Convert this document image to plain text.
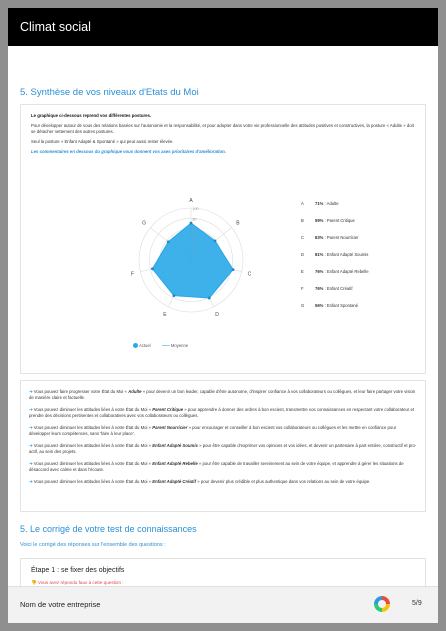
Climat social
5. Synthèse de vos niveaux d'Etats du Moi

Le graphique ci-dessous reprend vos différentes postures.

Pour développer autour de vous des relations basées sur l'autonomie et la responsabilité, et pour adopter dans votre vie professionnelle des attitudes positives et constructives, la posture « Adulte » doit se détacher nettement des autres postures.

Seul la posture « Enfant Adapté & Spontané » qui peut aussi rester élevée.

Les commentaires en dessous du graphique vous donnent vos axes prioritaires d'amélioration.

20
40
60
80
100
A
B
C
D
E
F
G
Actuel	Moyenne
A	71% : Adulte
B	59% : Parent Critique
C	83% : Parent Nourricier
D	81% : Enfant Adapté Soumis
E	76% : Enfant Adapté Rebelle
F	76% : Enfant Créatif
G	56% : Enfant Spontané

➔ Vous pouvez faire progresser votre État du Moi « Adulte » pour devenir un bon leader, capable d'être autonome, d'inspirer confiance à vos collaborateurs ou collègues, et leur faire partager votre vision de manière claire et factuelle.

➔ Vous pouvez diminuer les attitudes liées à votre État du Moi « Parent Critique » pour apprendre à donner des ordres à bon escient, transmettre vos connaissances en respectant votre collaborateur et prendre des décisions pertinentes et collaboratives avec vos collaborateurs ou collègues.

➔ Vous pouvez diminuer les attitudes liées à votre État du Moi « Parent Nourricier » pour encourager et conseiller à bon escient vos collaborateurs ou collègues et les mettre en confiance pour développer leurs compétences, sans 'faire à leur place'.

➔ Vous pouvez diminuer les attitudes liées à votre État du Moi « Enfant Adapté Soumis » pour être capable d'exprimer vos opinions et vos idées, et devenir un partenaire à part entière, constructif et pro-actif, au sein des projets.

➔ Vous pouvez diminuer les attitudes liées à votre État du Moi « Enfant Adapté Rebelle » pour être capable de travailler sereinement au sein de votre équipe, et apprendre à gérer les situations de désaccord avec calme et dans l'écoute.

➔ Vous pouvez diminuer les attitudes liées à votre État du Moi « Enfant Adapté Créatif » pour devenir plus crédible et plus authentique dans vos relations au sein de votre équipe.

5. Le corrigé de votre test de connaissances
Voici le corrigé des réponses sur l'ensemble des questions :
Étape 1 : se fixer des objectifs
👎 Vous avez répondu faux à cette question :
Nom de votre entreprise	5/9
